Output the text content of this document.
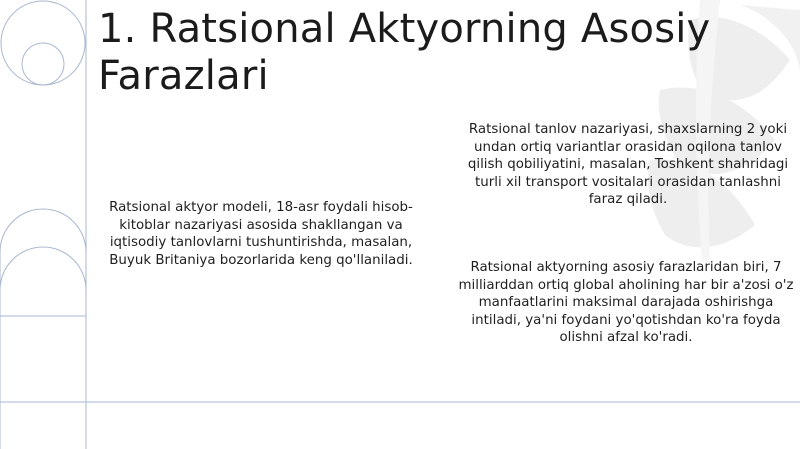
1. Ratsional Aktyorning Asosiy Farazlari

Ratsional aktyor modeli, 18-asr foydali hisob-kitoblar nazariyasi asosida shakllangan va iqtisodiy tanlovlarni tushuntirishda, masalan, Buyuk Britaniya bozorlarida keng qo'llaniladi.

Ratsional tanlov nazariyasi, shaxslarning 2 yoki undan ortiq variantlar orasidan oqilona tanlov qilish qobiliyatini, masalan, Toshkent shahridagi turli xil transport vositalari orasidan tanlashni faraz qiladi.

Ratsional aktyorning asosiy farazlaridan biri, 7 milliarddan ortiq global aholining har bir a'zosi o'z manfaatlarini maksimal darajada oshirishga intiladi, ya'ni foydani yo'qotishdan ko'ra foyda olishni afzal ko'radi.
